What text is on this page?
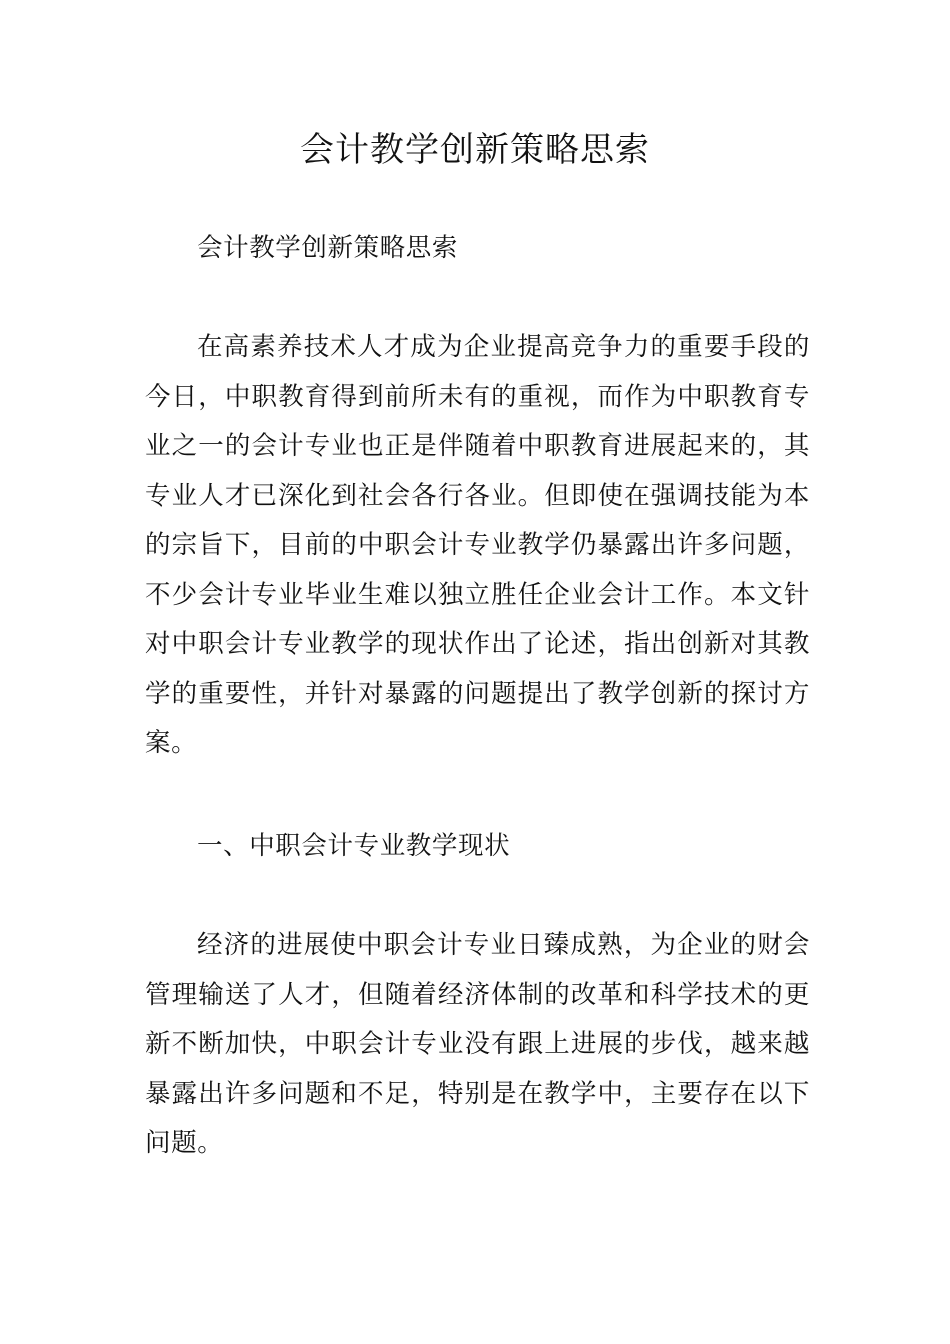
会计教学创新策略思索

会计教学创新策略思索

在高素养技术人才成为企业提高竞争力的重要手段的今日，中职教育得到前所未有的重视，而作为中职教育专业之一的会计专业也正是伴随着中职教育进展起来的，其专业人才已深化到社会各行各业。但即使在强调技能为本的宗旨下，目前的中职会计专业教学仍暴露出许多问题，不少会计专业毕业生难以独立胜任企业会计工作。本文针对中职会计专业教学的现状作出了论述，指出创新对其教学的重要性，并针对暴露的问题提出了教学创新的探讨方案。

一、中职会计专业教学现状

经济的进展使中职会计专业日臻成熟，为企业的财会管理输送了人才，但随着经济体制的改革和科学技术的更新不断加快，中职会计专业没有跟上进展的步伐，越来越暴露出许多问题和不足，特别是在教学中，主要存在以下问题。
